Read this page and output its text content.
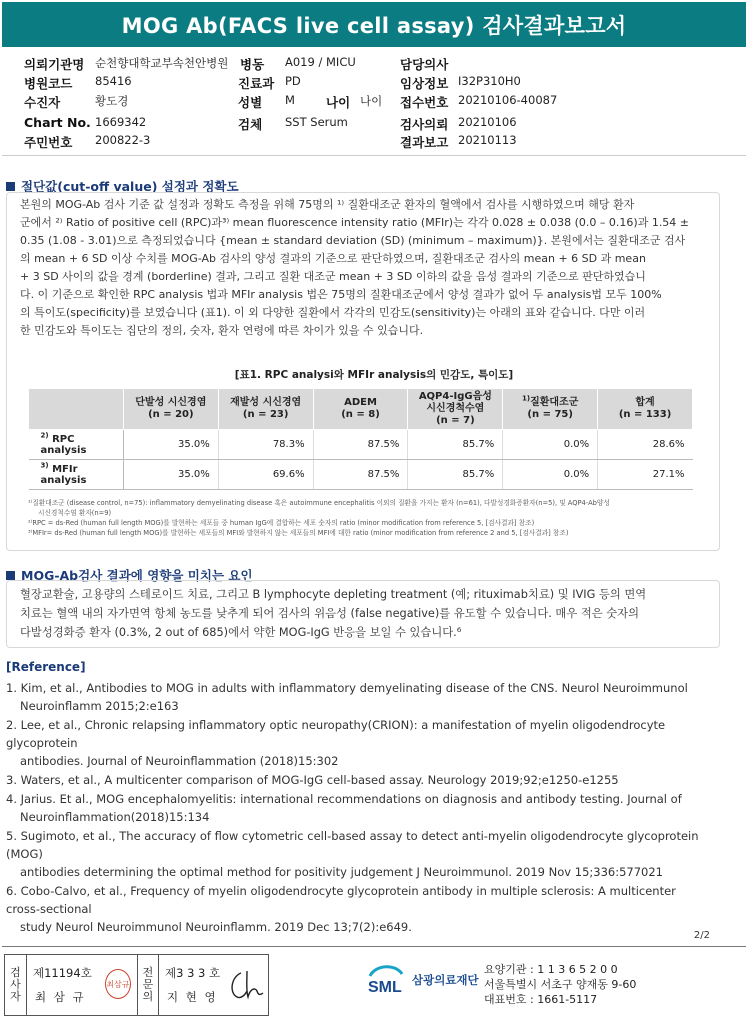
MOG Ab(FACS live cell assay) 검사결과보고서
의뢰기관명 순천향대학교부속천안병원 병동 A019 / MICU	담당의사
병원코드 85416	진료과 PD	임상정보 I32P310H0
수진자	황도경	성별 M 나이 나이 접수번호 20210106-40087
Chart No. 1669342	검체 SST Serum	검사의뢰 20210106
주민번호 200822-3	결과보고 20210113
절단값(cut-off value) 설정과 정확도
본원의 MOG-Ab 검사 기준 값 설정과 정확도 측정을 위해 75명의 ¹⁾ 질환대조군 환자의 혈액에서 검사를 시행하였으며 해당 환자
군에서 ²⁾ Ratio of positive cell (RPC)과³⁾ mean fluorescence intensity ratio (MFIr)는 각각 0.028 ± 0.038 (0.0 – 0.16)과 1.54 ±
0.35 (1.08 - 3.01)으로 측정되었습니다 {mean ± standard deviation (SD) (minimum – maximum)}. 본원에서는 질환대조군 검사
의 mean + 6 SD 이상 수치를 MOG-Ab 검사의 양성 결과의 기준으로 판단하였으며, 질환대조군 검사의 mean + 6 SD 과 mean
+ 3 SD 사이의 값을 경계 (borderline) 결과, 그리고 질환 대조군 mean + 3 SD 이하의 값을 음성 결과의 기준으로 판단하였습니
다. 이 기준으로 확인한 RPC analysis 법과 MFIr analysis 법은 75명의 질환대조군에서 양성 결과가 없어 두 analysis법 모두 100%
의 특이도(specificity)를 보였습니다 (표1). 이 외 다양한 질환에서 각각의 민감도(sensitivity)는 아래의 표와 같습니다. 다만 이러
한 민감도와 특이도는 집단의 정의, 숫자, 환자 연령에 따른 차이가 있을 수 있습니다.
[표1. RPC analysi와 MFIr analysis의 민감도, 특이도]
	단발성 시신경염
(n = 20)	재발성 시신경염
(n = 23)	ADEM
(n = 8)	AQP4-IgG음성
시신경척수염
(n = 7)	$^{1)}$질환대조군
(n = 75)	합계
(n = 133)
$^{2)}$ RPC analysis	35.0%	78.3%	87.5%	85.7%	0.0%	28.6%
$^{3)}$ MFIr analysis	35.0%	69.6%	87.5%	85.7%	0.0%	27.1%
¹⁾질환대조군 (disease control, n=75): inflammatory demyelinating disease 혹은 autoimmune encephalitis 이외의 질환을 가지는 환자 (n=61), 다발성경화증환자(n=5), 및 AQP4-Ab양성
시신경척수염 환자(n=9)
²⁾RPC = ds-Red (human full length MOG)를 발현하는 세포들 중 human IgG에 결합하는 세포 숫자의 ratio (minor modification from reference 5, [검사결과] 참조)
³⁾MFIr= ds-Red (human full length MOG)를 발현하는 세포들의 MFI와 발현하지 않는 세포들의 MFI에 대한 ratio (minor modification from reference 2 and 5, [검사결과] 참조)
MOG-Ab검사 결과에 영향을 미치는 요인
혈장교환술, 고용량의 스테로이드 치료, 그리고 B lymphocyte depleting treatment (예; rituximab치료) 및 IVIG 등의 면역
치료는 혈액 내의 자가면역 항체 농도를 낮추게 되어 검사의 위음성 (false negative)를 유도할 수 있습니다. 매우 적은 숫자의
다발성경화증 환자 (0.3%, 2 out of 685)에서 약한 MOG-IgG 반응을 보일 수 있습니다.⁶
[Reference]
1. Kim, et al., Antibodies to MOG in adults with inflammatory demyelinating disease of the CNS. Neurol Neuroimmunol
Neuroinflamm 2015;2:e163
2. Lee, et al., Chronic relapsing inflammatory optic neuropathy(CRION): a manifestation of myelin oligodendrocyte glycoprotein
antibodies. Journal of Neuroinflammation (2018)15:302
3. Waters, et al., A multicenter comparison of MOG-IgG cell-based assay. Neurology 2019;92;e1250-e1255
4. Jarius. Et al., MOG encephalomyelitis: international recommendations on diagnosis and antibody testing. Journal of
Neuroinflammation(2018)15:134
5. Sugimoto, et al., The accuracy of flow cytometric cell-based assay to detect anti-myelin oligodendrocyte glycoprotein (MOG)
antibodies determining the optimal method for positivity judgement J Neuroimmunol. 2019 Nov 15;336:577021
6. Cobo-Calvo, et al., Frequency of myelin oligodendrocyte glycoprotein antibody in multiple sclerosis: A multicenter
cross-sectional
study Neurol Neuroimmunol Neuroinflamm. 2019 Dec 13;7(2):e649.
2/2
검사자
제11194호
최 삼 규
최삼규
전문의
제3 3 3 호
지 현 영
SML 삼광의료재단
요양기관 : 1 1 3 6 5 2 0 0
서울특별시 서초구 양재동 9-60
대표번호 : 1661-5117
